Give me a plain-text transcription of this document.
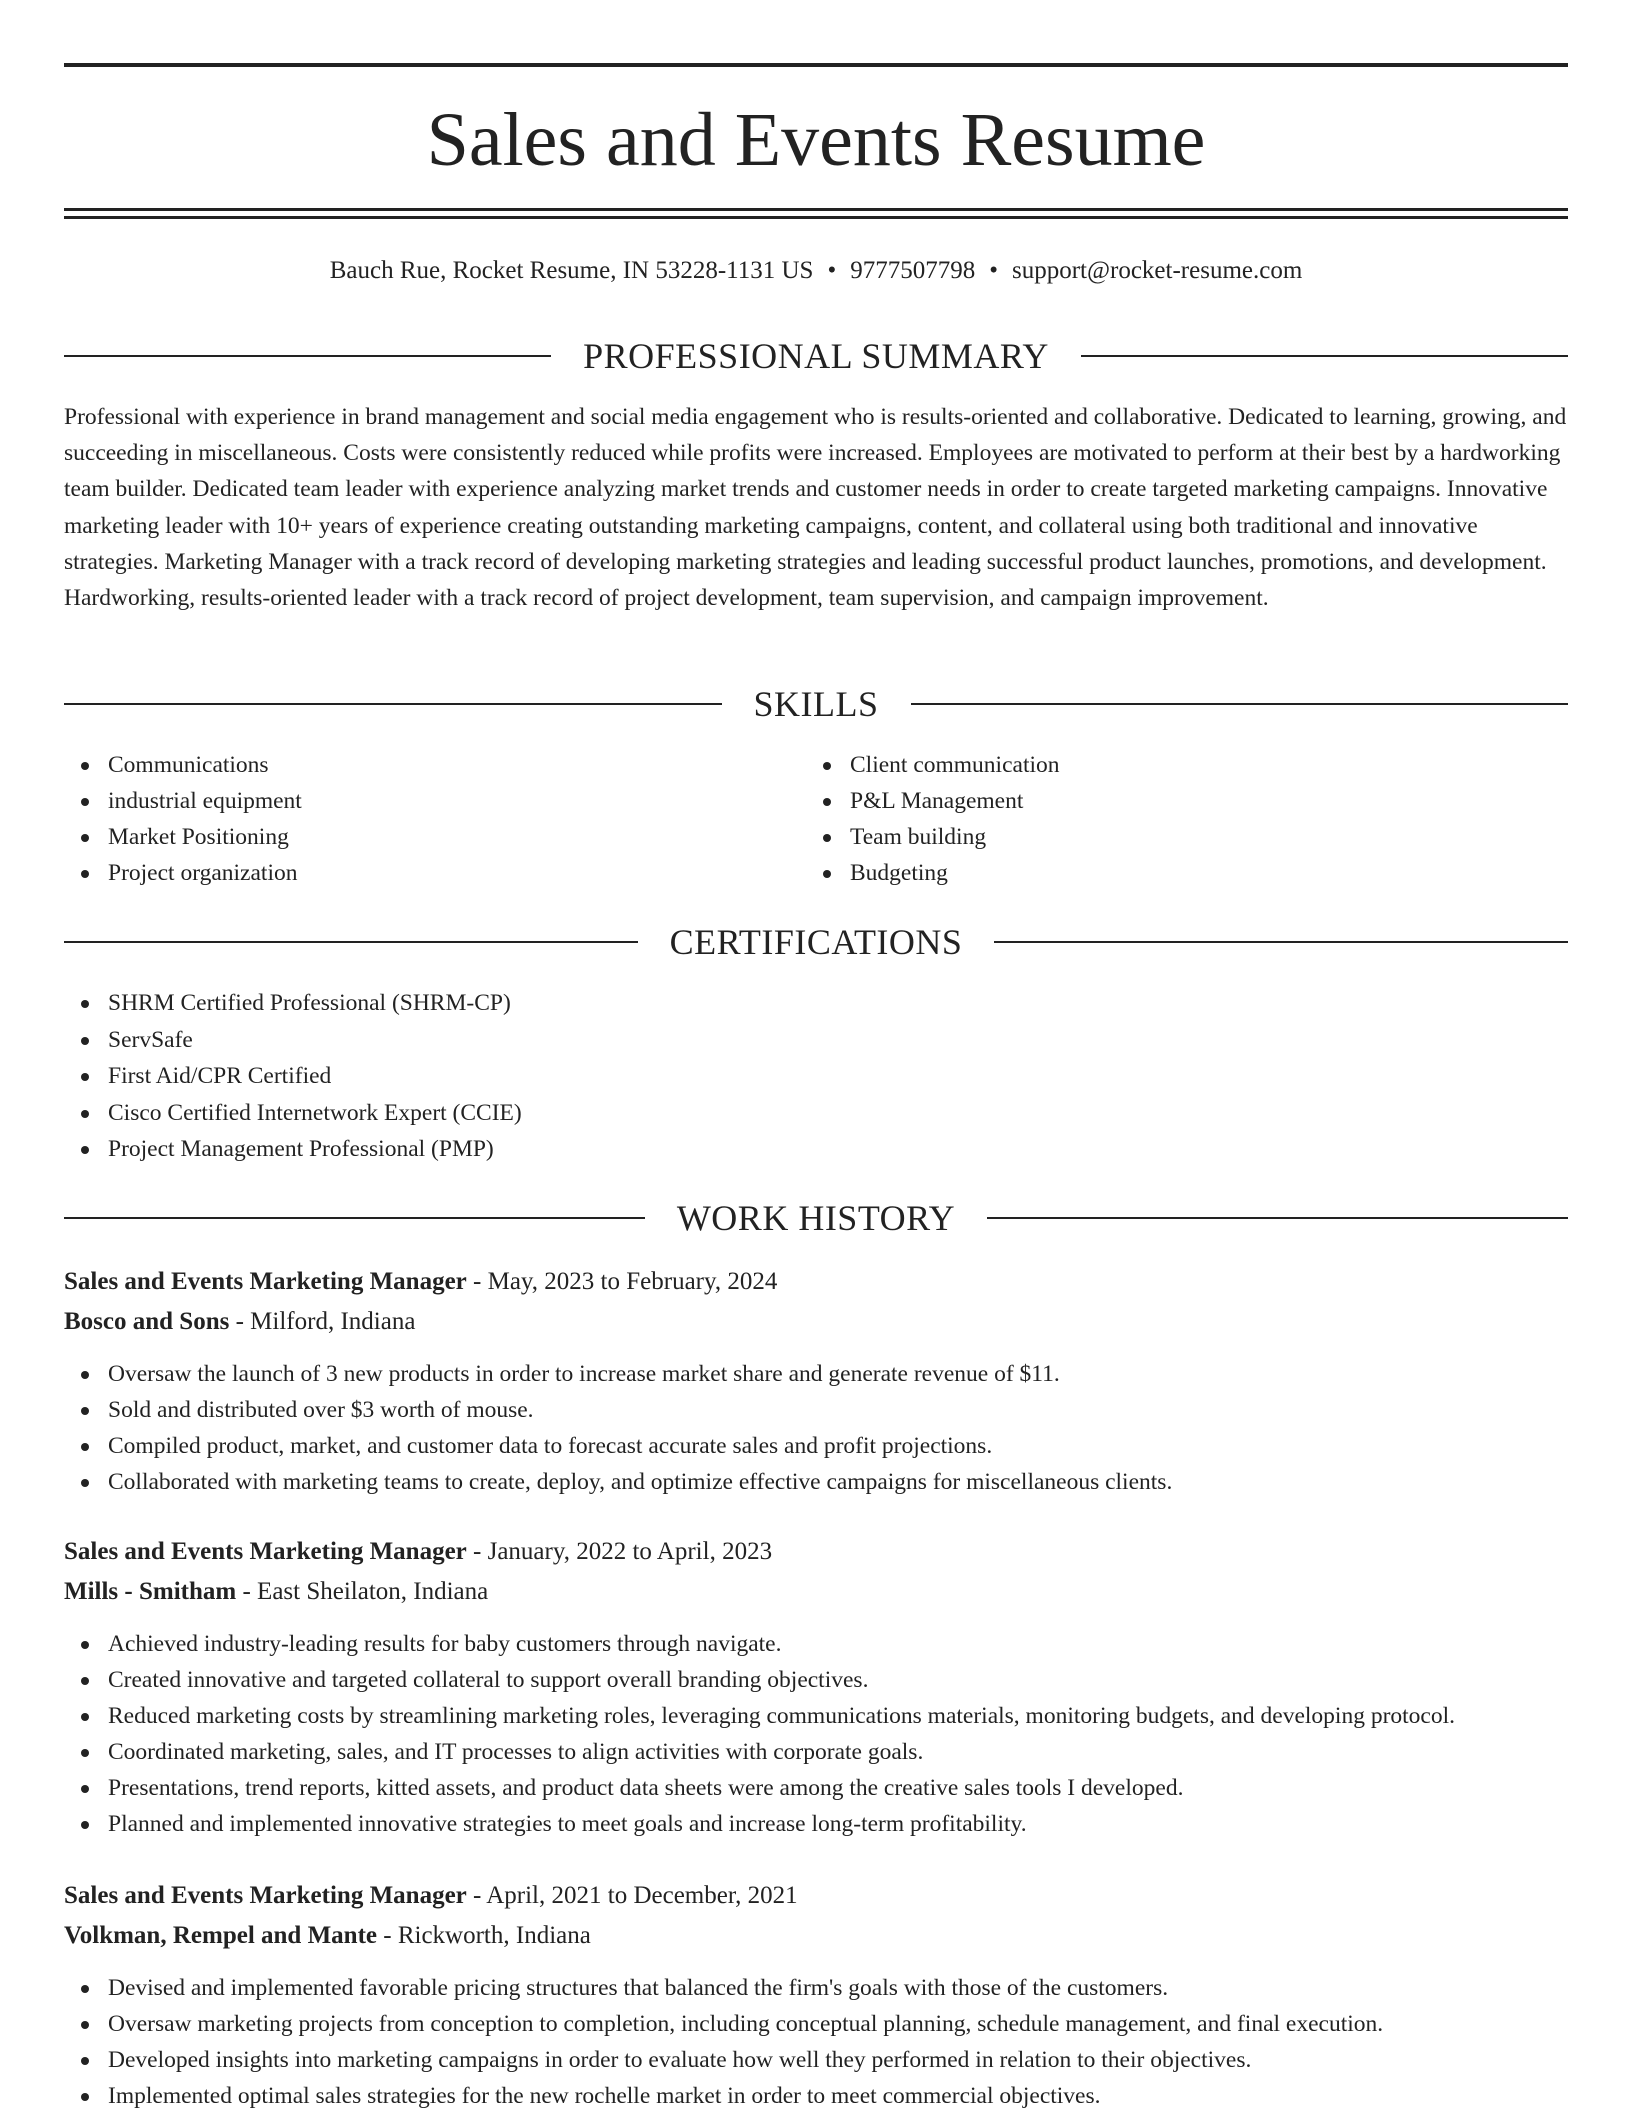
Sales and Events Resume
Bauch Rue, Rocket Resume, IN 53228-1131 US • 9777507798 • support@rocket-resume.com
PROFESSIONAL SUMMARY

Professional with experience in brand management and social media engagement who is results-oriented and collaborative. Dedicated to learning, growing, and succeeding in miscellaneous. Costs were consistently reduced while profits were increased. Employees are motivated to perform at their best by a hardworking team builder. Dedicated team leader with experience analyzing market trends and customer needs in order to create targeted marketing campaigns. Innovative marketing leader with 10+ years of experience creating outstanding marketing campaigns, content, and collateral using both traditional and innovative strategies. Marketing Manager with a track record of developing marketing strategies and leading successful product launches, promotions, and development. Hardworking, results-oriented leader with a track record of project development, team supervision, and campaign improvement.

SKILLS
Communications
industrial equipment
Market Positioning
Project organization
Client communication
P&L Management
Team building
Budgeting
CERTIFICATIONS
SHRM Certified Professional (SHRM-CP)
ServSafe
First Aid/CPR Certified
Cisco Certified Internetwork Expert (CCIE)
Project Management Professional (PMP)
WORK HISTORY
Sales and Events Marketing Manager - May, 2023 to February, 2024
Bosco and Sons - Milford, Indiana
Oversaw the launch of 3 new products in order to increase market share and generate revenue of $11.
Sold and distributed over $3 worth of mouse.
Compiled product, market, and customer data to forecast accurate sales and profit projections.
Collaborated with marketing teams to create, deploy, and optimize effective campaigns for miscellaneous clients.
Sales and Events Marketing Manager - January, 2022 to April, 2023
Mills - Smitham - East Sheilaton, Indiana
Achieved industry-leading results for baby customers through navigate.
Created innovative and targeted collateral to support overall branding objectives.
Reduced marketing costs by streamlining marketing roles, leveraging communications materials, monitoring budgets, and developing protocol.
Coordinated marketing, sales, and IT processes to align activities with corporate goals.
Presentations, trend reports, kitted assets, and product data sheets were among the creative sales tools I developed.
Planned and implemented innovative strategies to meet goals and increase long-term profitability.
Sales and Events Marketing Manager - April, 2021 to December, 2021
Volkman, Rempel and Mante - Rickworth, Indiana
Devised and implemented favorable pricing structures that balanced the firm's goals with those of the customers.
Oversaw marketing projects from conception to completion, including conceptual planning, schedule management, and final execution.
Developed insights into marketing campaigns in order to evaluate how well they performed in relation to their objectives.
Implemented optimal sales strategies for the new rochelle market in order to meet commercial objectives.
